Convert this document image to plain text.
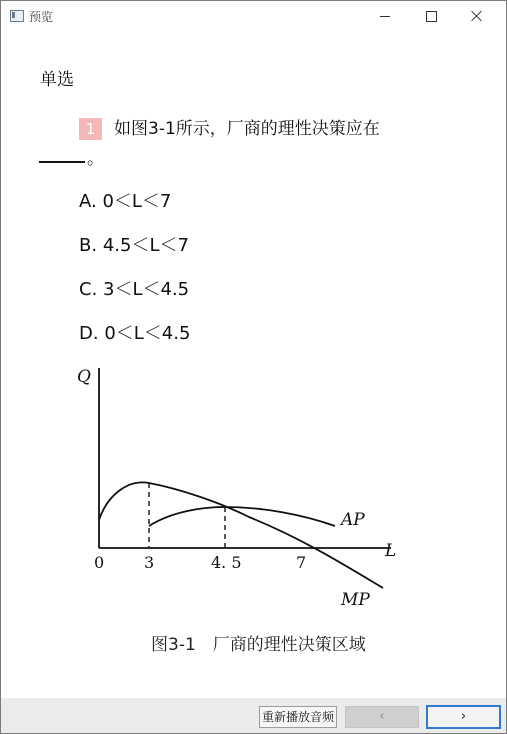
预览
单选
1	如图3-1所示，厂商的理性决策应在
。
A. 0＜L＜7
B. 4.5＜L＜7
C. 3＜L＜4.5
D. 0＜L＜4.5
Q
L
0 3	4. 5	7
AP
MP
图3-1　厂商的理性决策区域
重新播放音频	‹	›
